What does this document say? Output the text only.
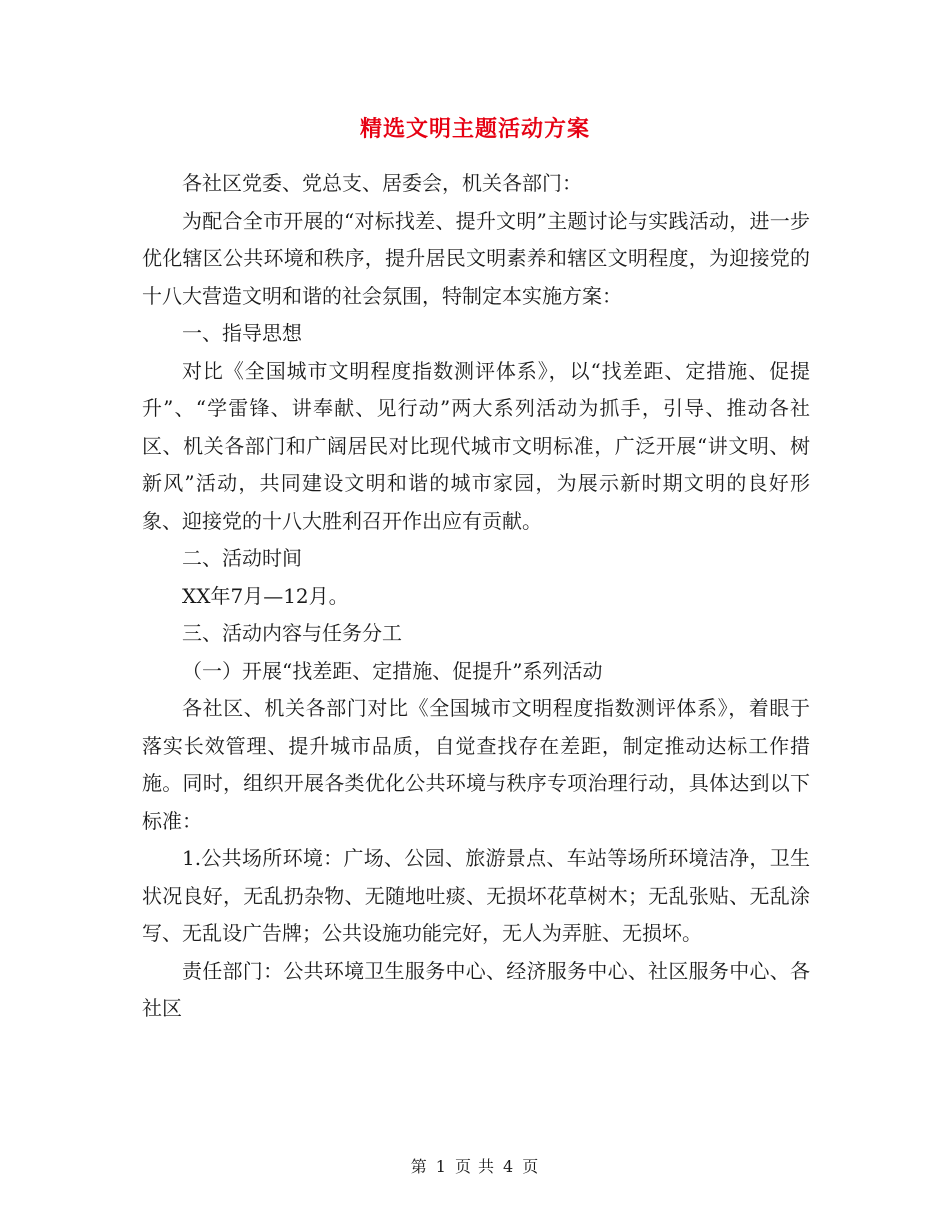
精选文明主题活动方案

各社区党委、党总支、居委会，机关各部门：

为配合全市开展的“对标找差、提升文明”主题讨论与实践活动，进一步优化辖区公共环境和秩序，提升居民文明素养和辖区文明程度，为迎接党的十八大营造文明和谐的社会氛围，特制定本实施方案：

一、指导思想

对比《全国城市文明程度指数测评体系》，以“找差距、定措施、促提升”、“学雷锋、讲奉献、见行动”两大系列活动为抓手，引导、推动各社区、机关各部门和广阔居民对比现代城市文明标准，广泛开展“讲文明、树新风”活动，共同建设文明和谐的城市家园，为展示新时期文明的良好形象、迎接党的十八大胜利召开作出应有贡献。

二、活动时间

XX年7月—12月。

三、活动内容与任务分工

（一）开展“找差距、定措施、促提升”系列活动

各社区、机关各部门对比《全国城市文明程度指数测评体系》，着眼于落实长效管理、提升城市品质，自觉查找存在差距，制定推动达标工作措施。同时，组织开展各类优化公共环境与秩序专项治理行动，具体达到以下标准：

1.公共场所环境：广场、公园、旅游景点、车站等场所环境洁净，卫生状况良好，无乱扔杂物、无随地吐痰、无损坏花草树木；无乱张贴、无乱涂写、无乱设广告牌；公共设施功能完好，无人为弄脏、无损坏。

责任部门：公共环境卫生服务中心、经济服务中心、社区服务中心、各社区

第 1 页 共 4 页
